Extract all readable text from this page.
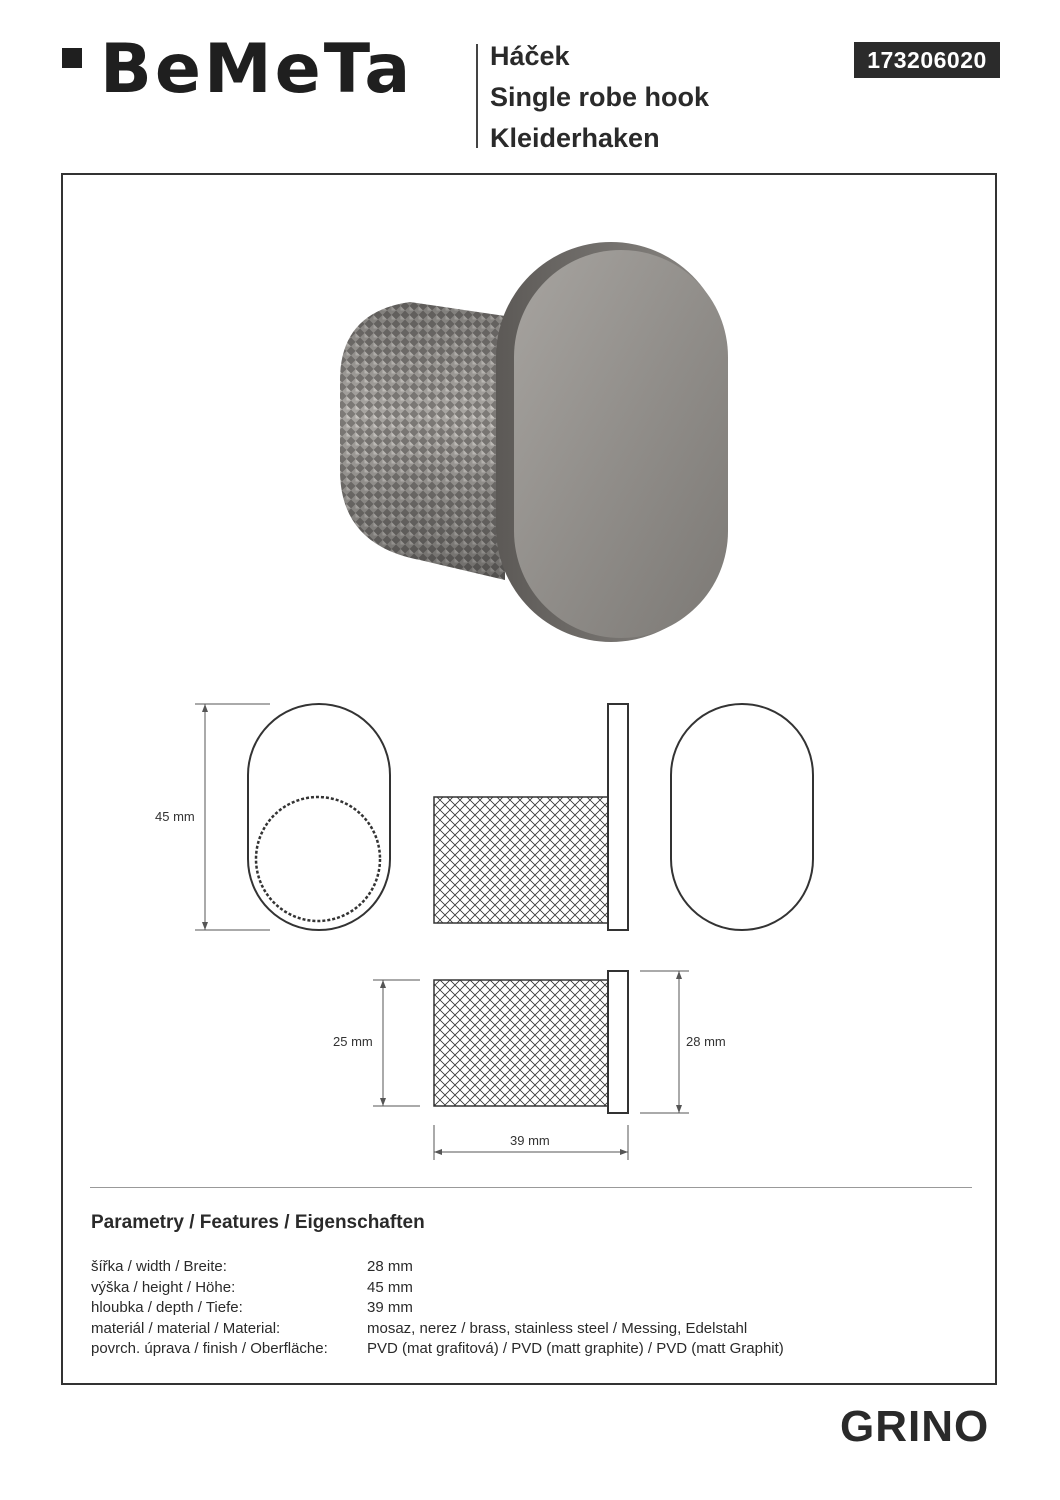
BeMeTa	Háček
Single robe hook
Kleiderhaken
173206020
45 mm
25 mm	28 mm
39 mm
Parametry / Features / Eigenschaften
šířka / width / Breite:	28 mm
výška / height / Höhe:	45 mm
hloubka / depth / Tiefe:	39 mm
materiál / material / Material:	mosaz, nerez / brass, stainless steel / Messing, Edelstahl
povrch. úprava / finish / Oberfläche:	PVD (mat grafitová) / PVD (matt graphite) / PVD (matt Graphit)
GRINO
